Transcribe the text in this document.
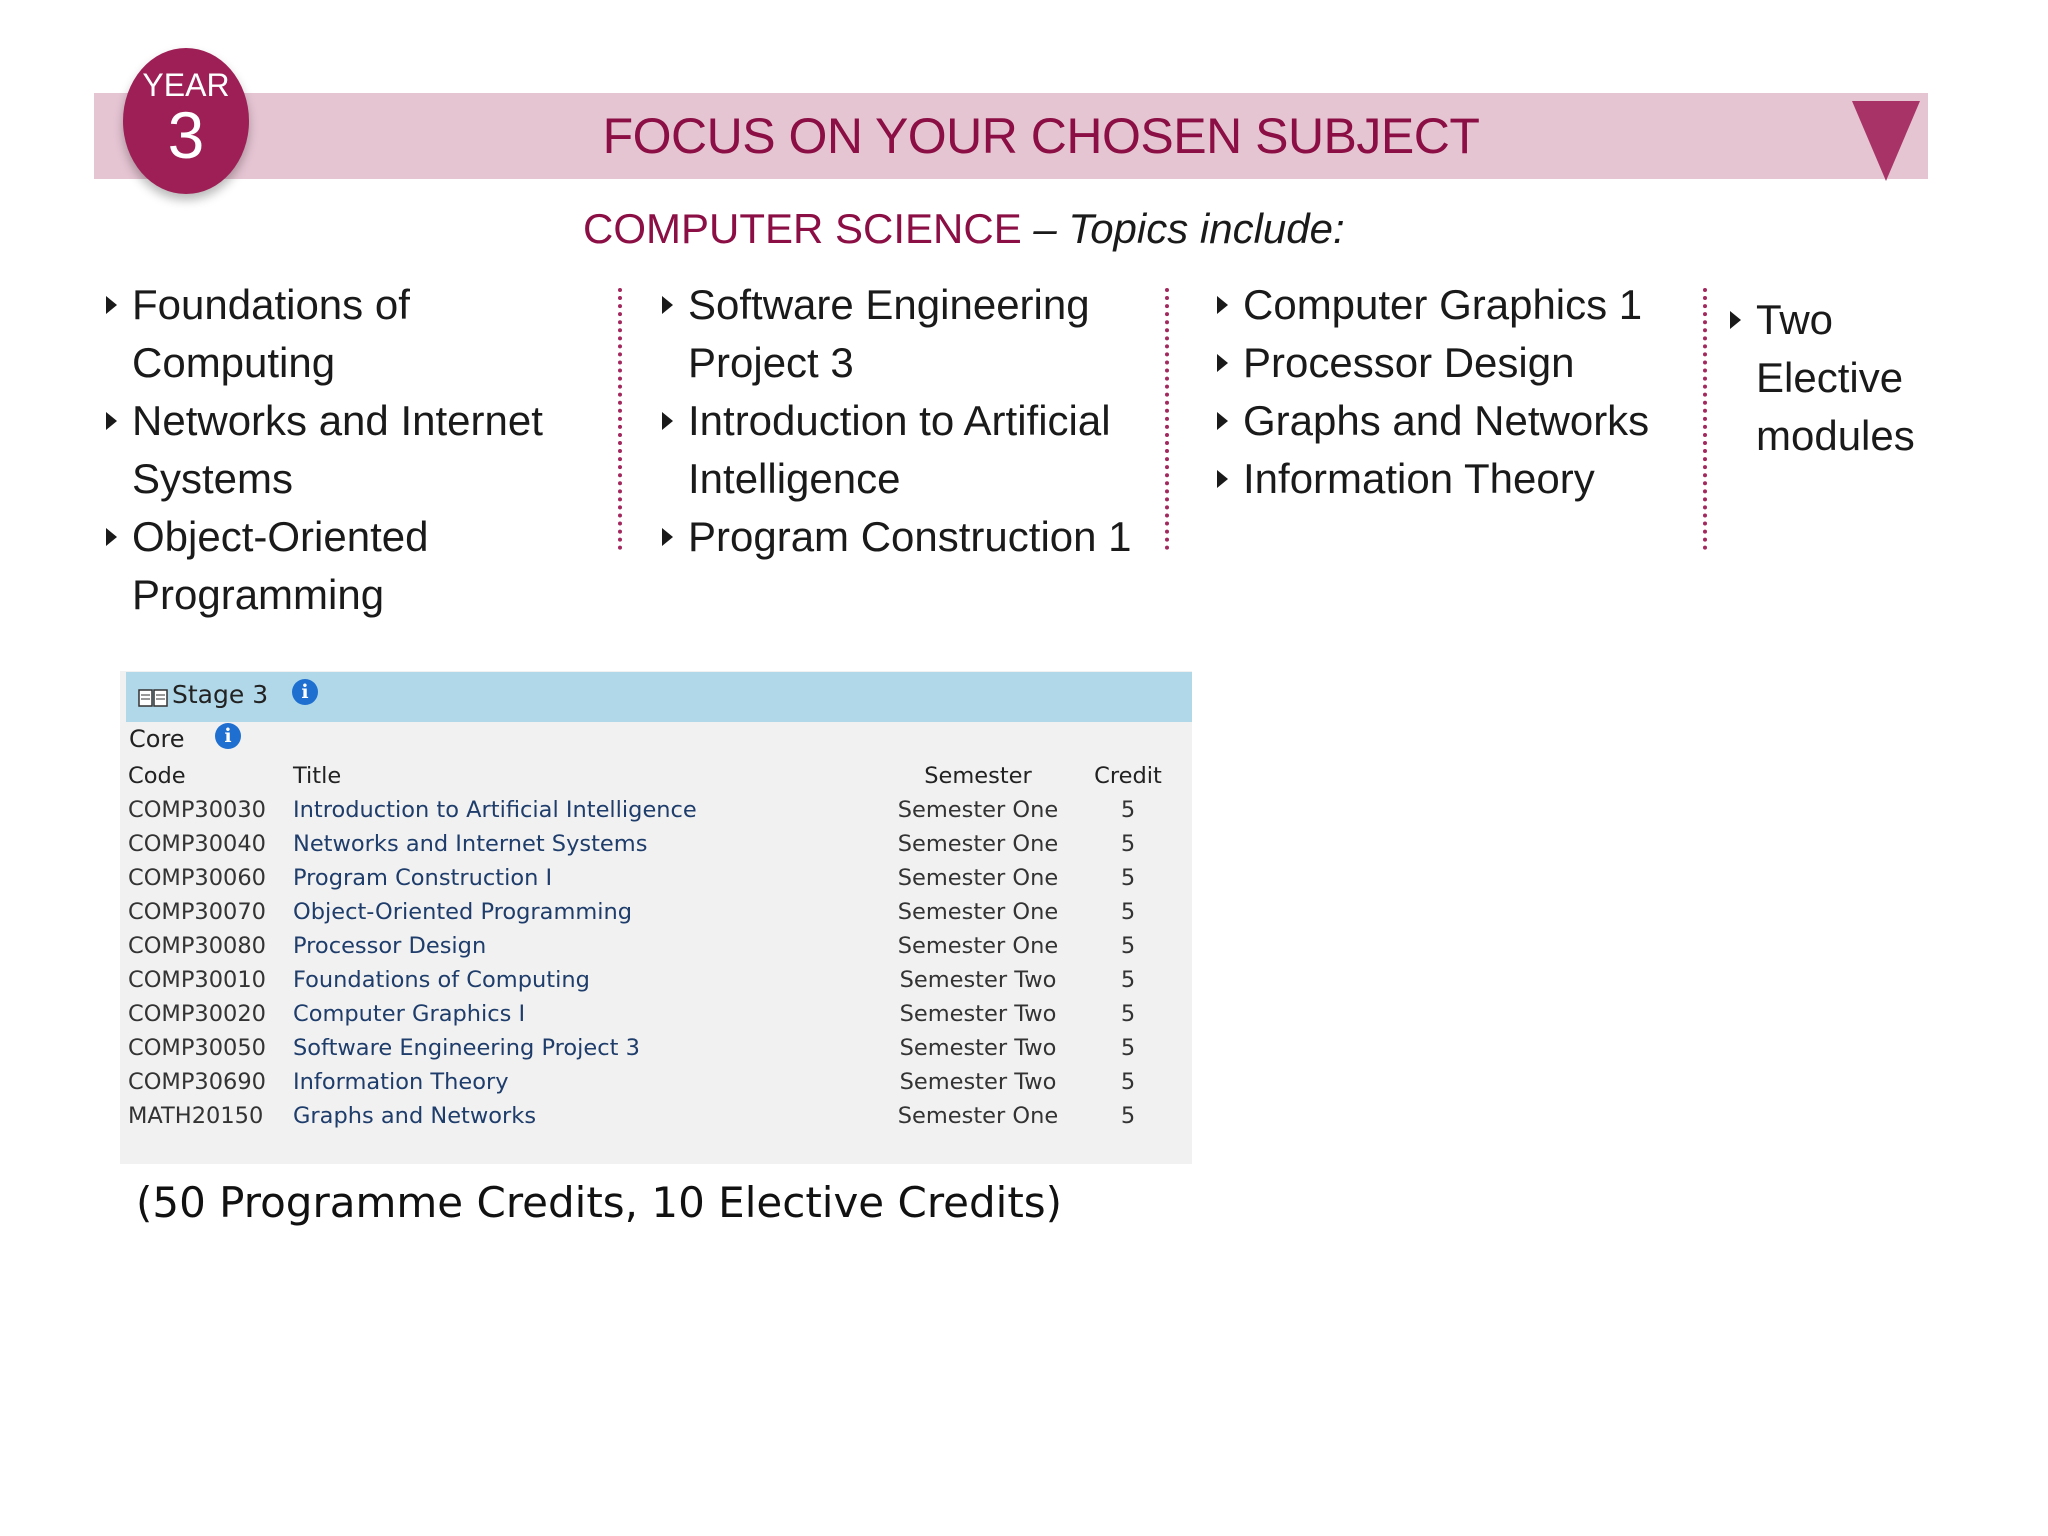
FOCUS ON YOUR CHOSEN SUBJECT
YEAR
3
COMPUTER SCIENCE – Topics include:
Foundations of Computing
Networks and Internet Systems
Object-Oriented Programming
Software Engineering Project 3
Introduction to Artificial Intelligence
Program Construction 1
Computer Graphics 1
Processor Design
Graphs and Networks
Information Theory
Two Elective modules
Stage 3	i
Core	i
Code	Title	Semester	Credit
COMP30030	Introduction to Artificial Intelligence	Semester One	5
COMP30040	Networks and Internet Systems	Semester One	5
COMP30060	Program Construction I	Semester One	5
COMP30070	Object-Oriented Programming	Semester One	5
COMP30080	Processor Design	Semester One	5
COMP30010	Foundations of Computing	Semester Two	5
COMP30020	Computer Graphics I	Semester Two	5
COMP30050	Software Engineering Project 3	Semester Two	5
COMP30690	Information Theory	Semester Two	5
MATH20150	Graphs and Networks	Semester One	5
(50 Programme Credits, 10 Elective Credits)
